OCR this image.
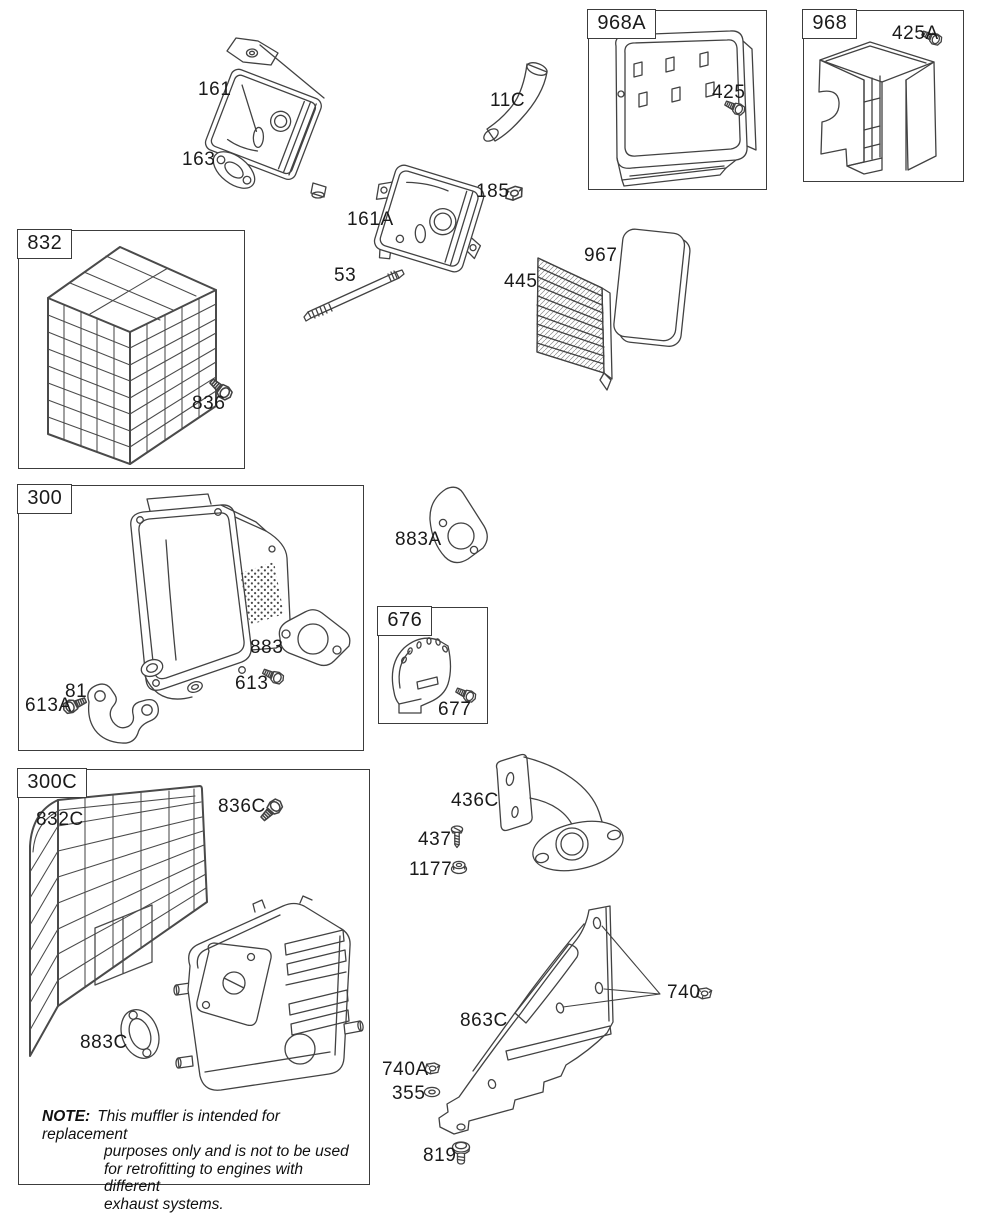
968A	968
832
300
676
300C
161
163
11C
161A
185
53	445
967
425
425A
836
883A
883
613
81
613A	677
832C
836C	436C
437
1177
883C
863C
740
740A
355
819
NOTE: This muffler is intended for replacement
purposes only and is not to be used
for retrofitting to engines with different
exhaust systems.
